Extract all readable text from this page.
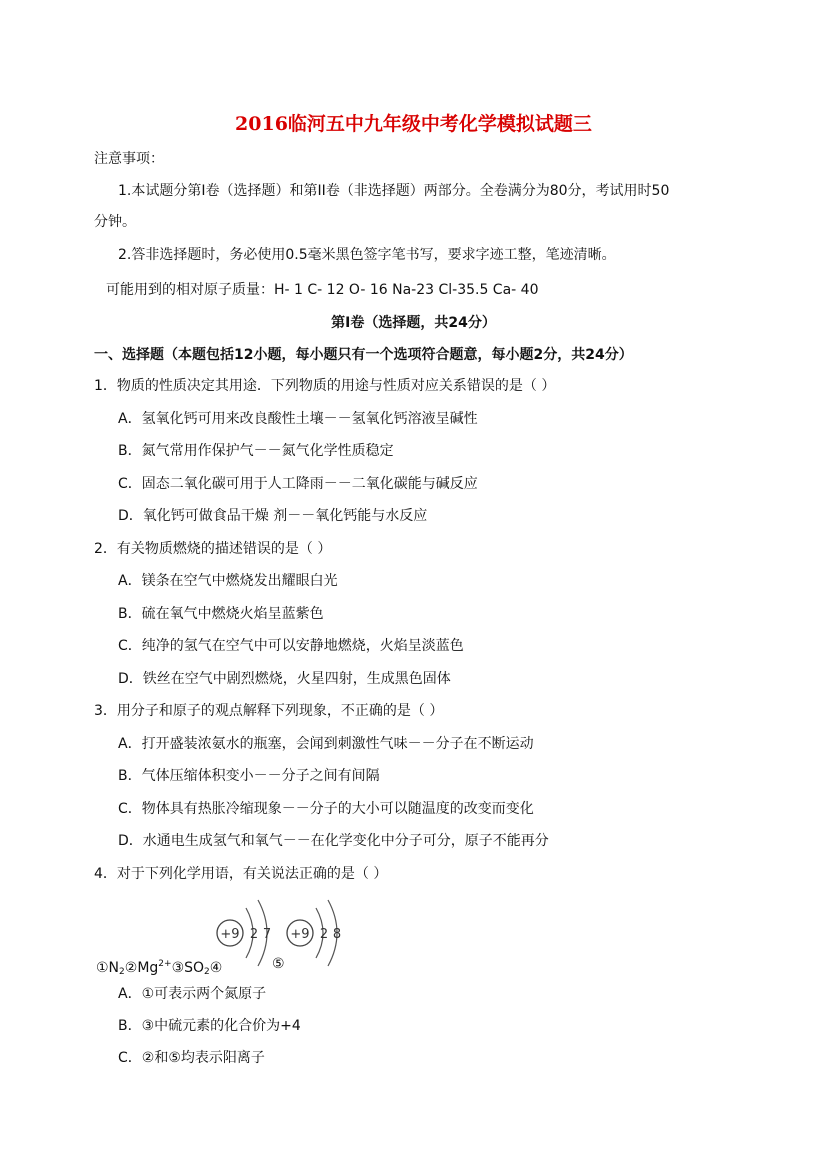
2016临河五中九年级中考化学模拟试题三
注意事项：
1.本试题分第Ⅰ卷（选择题）和第II卷（非选择题）两部分。全卷满分为80分，考试用时50
分钟。
2.答非选择题时，务必使用0.5毫米黑色签字笔书写，要求字迹工整，笔迹清晰。
可能用到的相对原子质量：H- 1 C- 12 O- 16 Na-23 Cl-35.5 Ca- 40
第Ⅰ卷（选择题，共24分）
一、选择题（本题包括12小题，每小题只有一个选项符合题意，每小题2分，共24分）
1．物质的性质决定其用途．下列物质的用途与性质对应关系错误的是（ ）
A．氢氧化钙可用来改良酸性土壤－－氢氧化钙溶液呈碱性
B．氮气常用作保护气－－氮气化学性质稳定
C．固态二氧化碳可用于人工降雨－－二氧化碳能与碱反应
D．氧化钙可做食品干燥 剂－－氧化钙能与水反应
2．有关物质燃烧的描述错误的是（ ）
A．镁条在空气中燃烧发出耀眼白光
B．硫在氧气中燃烧火焰呈蓝紫色
C．纯净的氢气在空气中可以安静地燃烧，火焰呈淡蓝色
D．铁丝在空气中剧烈燃烧，火星四射，生成黑色固体
3．用分子和原子的观点解释下列现象，不正确的是（ ）
A．打开盛装浓氨水的瓶塞，会闻到刺激性气味－－分子在不断运动
B．气体压缩体积变小－－分子之间有间隔
C．物体具有热胀冷缩现象－－分子的大小可以随温度的改变而变化
D．水通电生成氢气和氧气－－在化学变化中分子可分，原子不能再分
4．对于下列化学用语，有关说法正确的是（ ）
+9 2 7 +9 2 8
$①N_2②Mg^{2+}③SO_2④$	⑤
A．①可表示两个氮原子
B．③中硫元素的化合价为+4
C．②和⑤均表示阳离子
